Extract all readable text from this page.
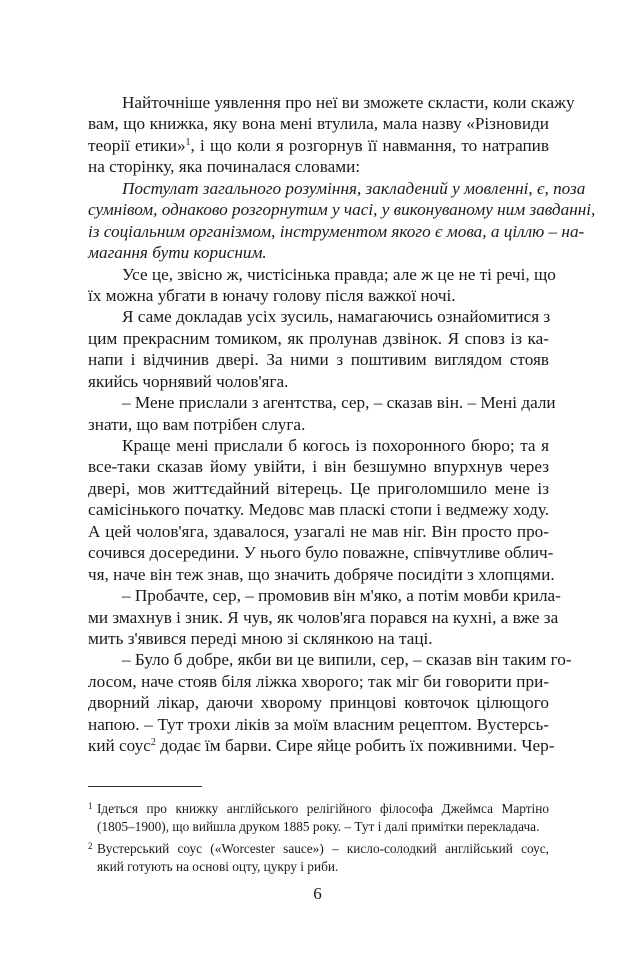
Найточніше уявлення про неї ви зможете скласти, коли скажу
вам, що книжка, яку вона мені втулила, мала назву «Різновиди
теорії етики»$^1$, і що коли я розгорнув її навмання, то натрапив
на сторінку, яка починалася словами:
Постулат загального розуміння, закладений у мовленні, є, поза
сумнівом, однаково розгорнутим у часі, у виконуваному ним завданні,
із соціальним організмом, інструментом якого є мова, а ціллю – на-
магання бути корисним.
Усе це, звісно ж, чистісінька правда; але ж це не ті речі, що
їх можна убгати в юначу голову після важкої ночі.
Я саме докладав усіх зусиль, намагаючись ознайомитися з
цим прекрасним томиком, як пролунав дзвінок. Я сповз із ка-
напи і відчинив двері. За ними з поштивим виглядом стояв
якийсь чорнявий чолов'яга.
– Мене прислали з агентства, сер, – сказав він. – Мені дали
знати, що вам потрібен слуга.
Краще мені прислали б когось із похоронного бюро; та я
все-таки сказав йому увійти, і він безшумно впурхнув через
двері, мов життєдайний вітерець. Це приголомшило мене із
самісінького початку. Медовс мав пласкі стопи і ведмежу ходу.
А цей чолов'яга, здавалося, узагалі не мав ніг. Він просто про-
сочився досередини. У нього було поважне, співчутливе облич-
чя, наче він теж знав, що значить добряче посидіти з хлопцями.
– Пробачте, сер, – промовив він м'яко, а потім мовби крила-
ми змахнув і зник. Я чув, як чолов'яга порався на кухні, а вже за
мить з'явився переді мною зі склянкою на таці.
– Було б добре, якби ви це випили, сер, – сказав він таким го-
лосом, наче стояв біля ліжка хворого; так міг би говорити при-
дворний лікар, даючи хворому принцові ковточок цілющого
напою. – Тут трохи ліків за моїм власним рецептом. Вустерсь-
кий соус$^2$ додає їм барви. Сире яйце робить їх поживними. Чер-
1 Ідеться про книжку англійського релігійного філософа Джеймса Мартіно
(1805–1900), що вийшла друком 1885 року. – Тут і далі примітки перекладача.
2 Вустерський соус («Worcester sauce») – кисло-солодкий англійський соус,
який готують на основі оцту, цукру і риби.
6
